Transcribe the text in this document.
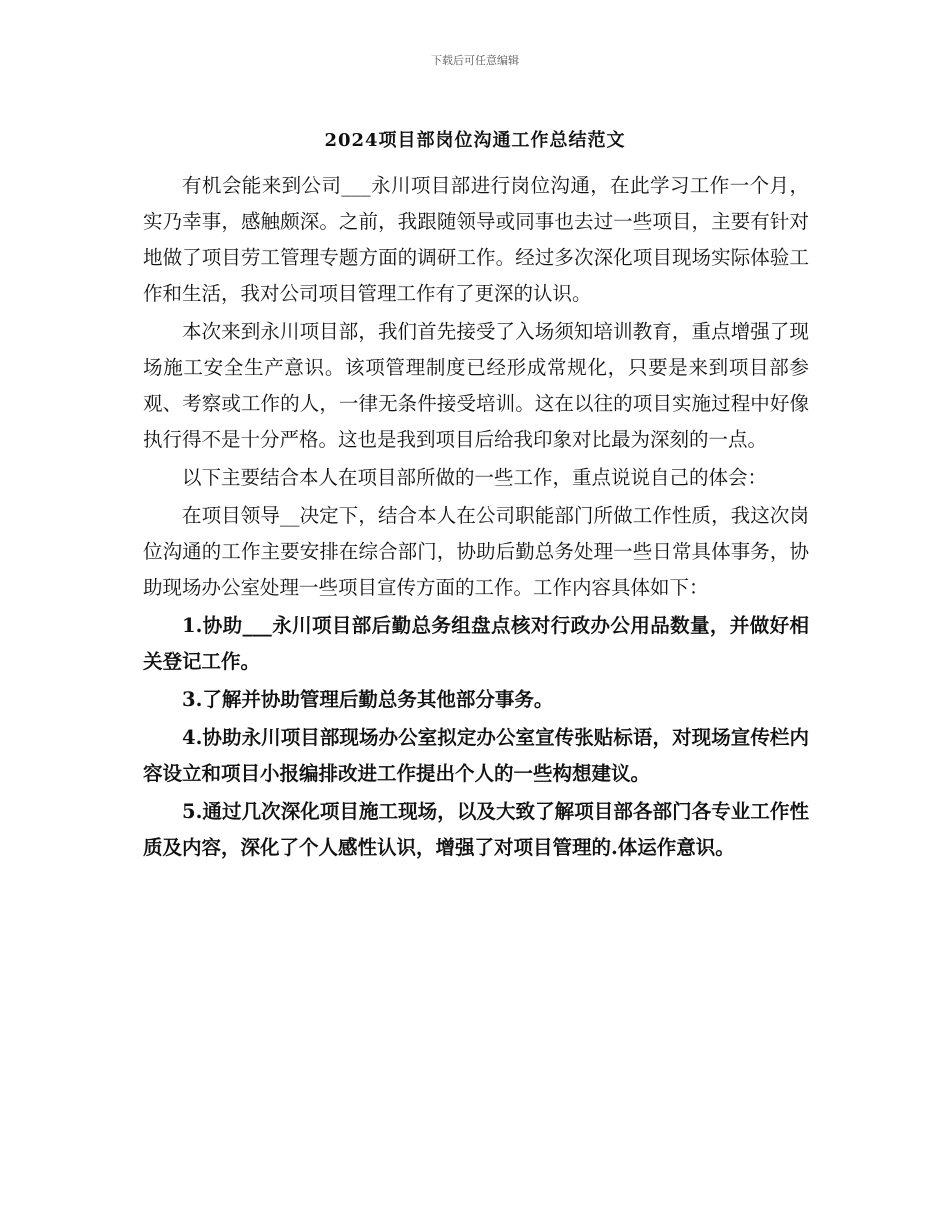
下载后可任意编辑
2024项目部岗位沟通工作总结范文

有机会能来到公司___永川项目部进行岗位沟通，在此学习工作一个月，实乃幸事，感触颇深。之前，我跟随领导或同事也去过一些项目，主要有针对地做了项目劳工管理专题方面的调研工作。经过多次深化项目现场实际体验工作和生活，我对公司项目管理工作有了更深的认识。

本次来到永川项目部，我们首先接受了入场须知培训教育，重点增强了现场施工安全生产意识。该项管理制度已经形成常规化，只要是来到项目部参观、考察或工作的人，一律无条件接受培训。这在以往的项目实施过程中好像执行得不是十分严格。这也是我到项目后给我印象对比最为深刻的一点。

以下主要结合本人在项目部所做的一些工作，重点说说自己的体会：

在项目领导__决定下，结合本人在公司职能部门所做工作性质，我这次岗位沟通的工作主要安排在综合部门，协助后勤总务处理一些日常具体事务，协助现场办公室处理一些项目宣传方面的工作。工作内容具体如下：

1.协助___永川项目部后勤总务组盘点核对行政办公用品数量，并做好相关登记工作。

3.了解并协助管理后勤总务其他部分事务。

4.协助永川项目部现场办公室拟定办公室宣传张贴标语，对现场宣传栏内容设立和项目小报编排改进工作提出个人的一些构想建议。

5.通过几次深化项目施工现场，以及大致了解项目部各部门各专业工作性质及内容，深化了个人感性认识，增强了对项目管理的.体运作意识。
